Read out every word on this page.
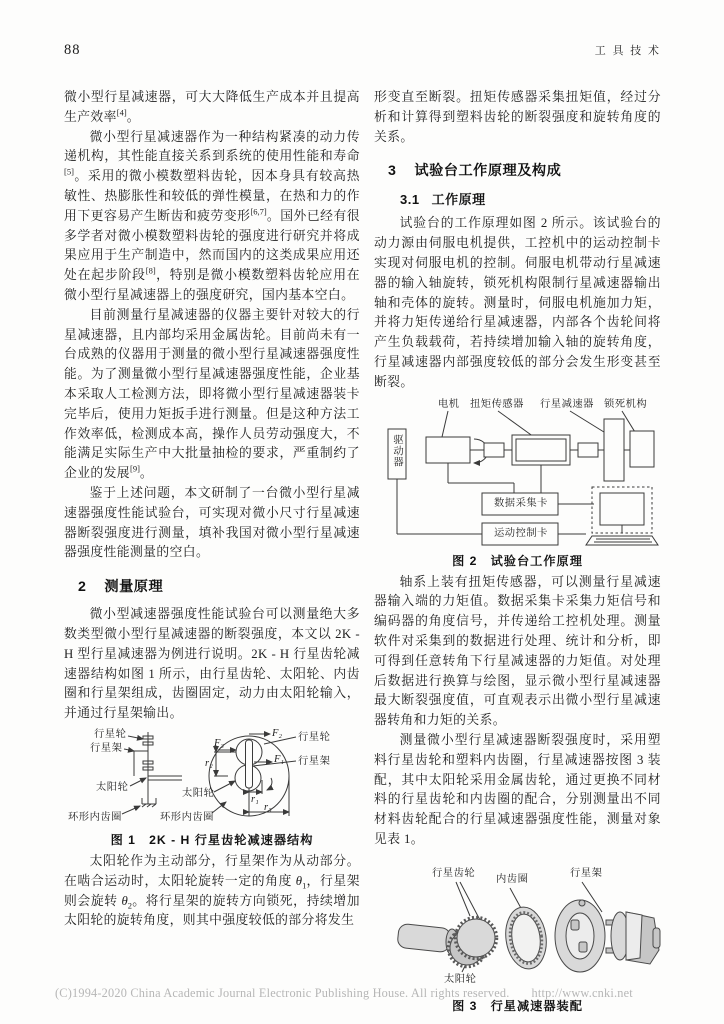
88	工 具 技 术

微小型行星减速器，可大大降低生产成本并且提高生产效率[4]。

微小型行星减速器作为一种结构紧凑的动力传递机构，其性能直接关系到系统的使用性能和寿命[5]。采用的微小模数塑料齿轮，因本身具有较高热敏性、热膨胀性和较低的弹性模量，在热和力的作用下更容易产生断齿和疲劳变形[6,7]。国外已经有很多学者对微小模数塑料齿轮的强度进行研究并将成果应用于生产制造中，然而国内的这类成果应用还处在起步阶段[8]，特别是微小模数塑料齿轮应用在微小型行星减速器上的强度研究，国内基本空白。

目前测量行星减速器的仪器主要针对较大的行星减速器，且内部均采用金属齿轮。目前尚未有一台成熟的仪器用于测量的微小型行星减速器强度性能。为了测量微小型行星减速器强度性能，企业基本采取人工检测方法，即将微小型行星减速器装卡完毕后，使用力矩扳手进行测量。但是这种方法工作效率低，检测成本高，操作人员劳动强度大，不能满足实际生产中大批量抽检的要求，严重制约了企业的发展[9]。

鉴于上述问题，本文研制了一台微小型行星减速器强度性能试验台，可实现对微小尺寸行星减速器断裂强度进行测量，填补我国对微小型行星减速器强度性能测量的空白。

2 测量原理

微小型减速器强度性能试验台可以测量绝大多数类型微小型行星减速器的断裂强度，本文以 2K - H 型行星减速器为例进行说明。2K - H 行星齿轮减速器结构如图 1 所示，由行星齿轮、太阳轮、内齿圈和行星架组成，齿圈固定，动力由太阳轮输入，并通过行星架输出。

行星轮
行星架
太阳轮
环形内齿圈
F₂
F₃
F₁
行星轮
行星架
r₂
r₁
r₃
太阳轮
环形内齿圈
图 1　2K - H 行星齿轮减速器结构

太阳轮作为主动部分，行星架作为从动部分。在啮合运动时，太阳轮旋转一定的角度 $\theta_1$，行星架则会旋转 $\theta_2$。将行星架的旋转方向锁死，持续增加太阳轮的旋转角度，则其中强度较低的部分将发生

形变直至断裂。扭矩传感器采集扭矩值，经过分析和计算得到塑料齿轮的断裂强度和旋转角度的关系。

3 试验台工作原理及构成
3.1 工作原理

试验台的工作原理如图 2 所示。该试验台的动力源由伺服电机提供，工控机中的运动控制卡实现对伺服电机的控制。伺服电机带动行星减速器的输入轴旋转，锁死机构限制行星减速器输出轴和壳体的旋转。测量时，伺服电机施加力矩，并将力矩传递给行星减速器，内部各个齿轮间将产生负载载荷，若持续增加输入轴的旋转角度，行星减速器内部强度较低的部分会发生形变甚至断裂。

电机 扭矩传感器 行星减速器 锁死机构
驱动器
数据采集卡
运动控制卡
图 2　试验台工作原理

轴系上装有扭矩传感器，可以测量行星减速器输入端的力矩值。数据采集卡采集力矩信号和编码器的角度信号，并传递给工控机处理。测量软件对采集到的数据进行处理、统计和分析，即可得到任意转角下行星减速器的力矩值。对处理后数据进行换算与绘图，显示微小型行星减速器最大断裂强度值，可直观表示出微小型行星减速器转角和力矩的关系。

测量微小型行星减速器断裂强度时，采用塑料行星齿轮和塑料内齿圈，行星减速器按图 3 装配，其中太阳轮采用金属齿轮，通过更换不同材料的行星齿轮和内齿圈的配合，分别测量出不同材料齿轮配合的行星减速器强度性能，测量对象见表 1。

行星齿轮
内齿圈
行星架
太阳轮
图 3　行星减速器装配
(C)1994-2020 China Academic Journal Electronic Publishing House. All rights reserved. http://www.cnki.net
